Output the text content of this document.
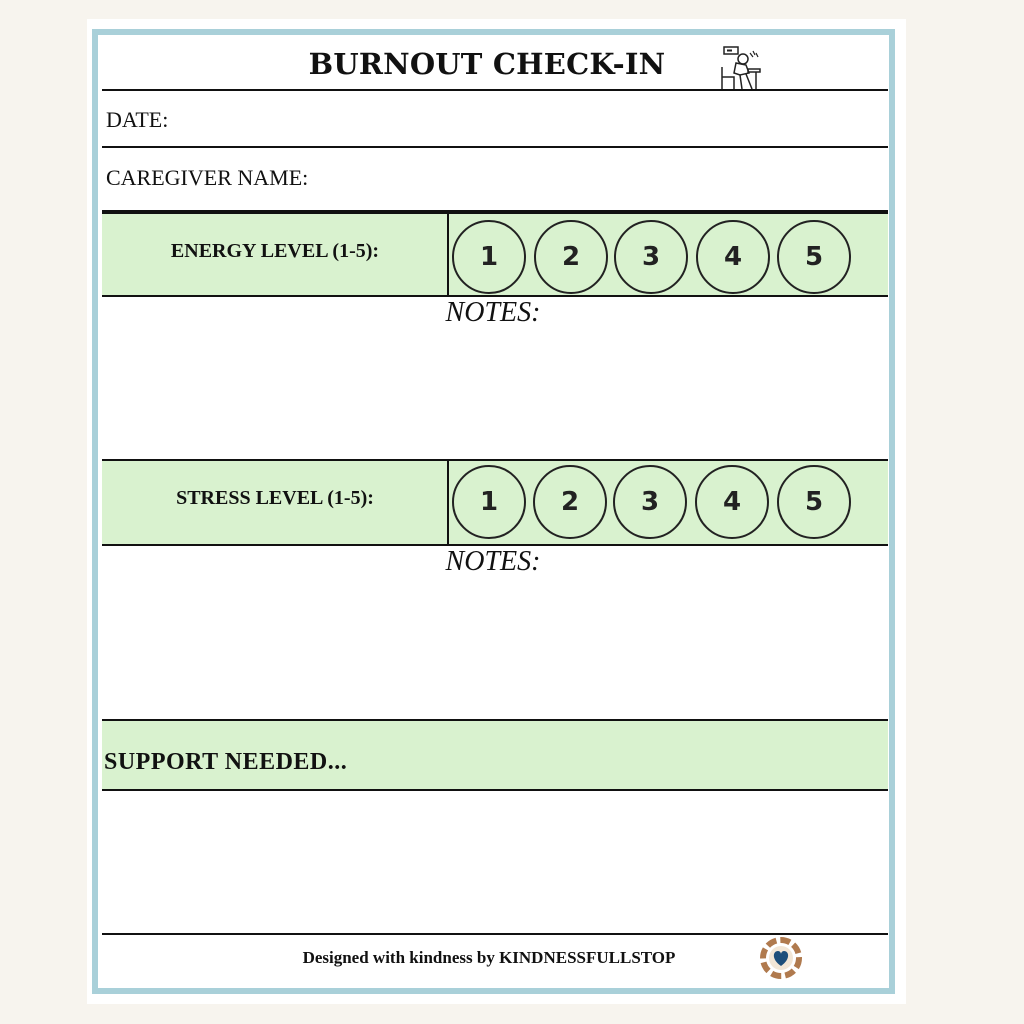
BURNOUT CHECK-IN
DATE:
CAREGIVER NAME:
ENERGY LEVEL (1-5):	1	2	3	4	5
NOTES:
STRESS LEVEL (1-5):	1	2	3	4	5
NOTES:
SUPPORT NEEDED...
Designed with kindness by KINDNESSFULLSTOP
